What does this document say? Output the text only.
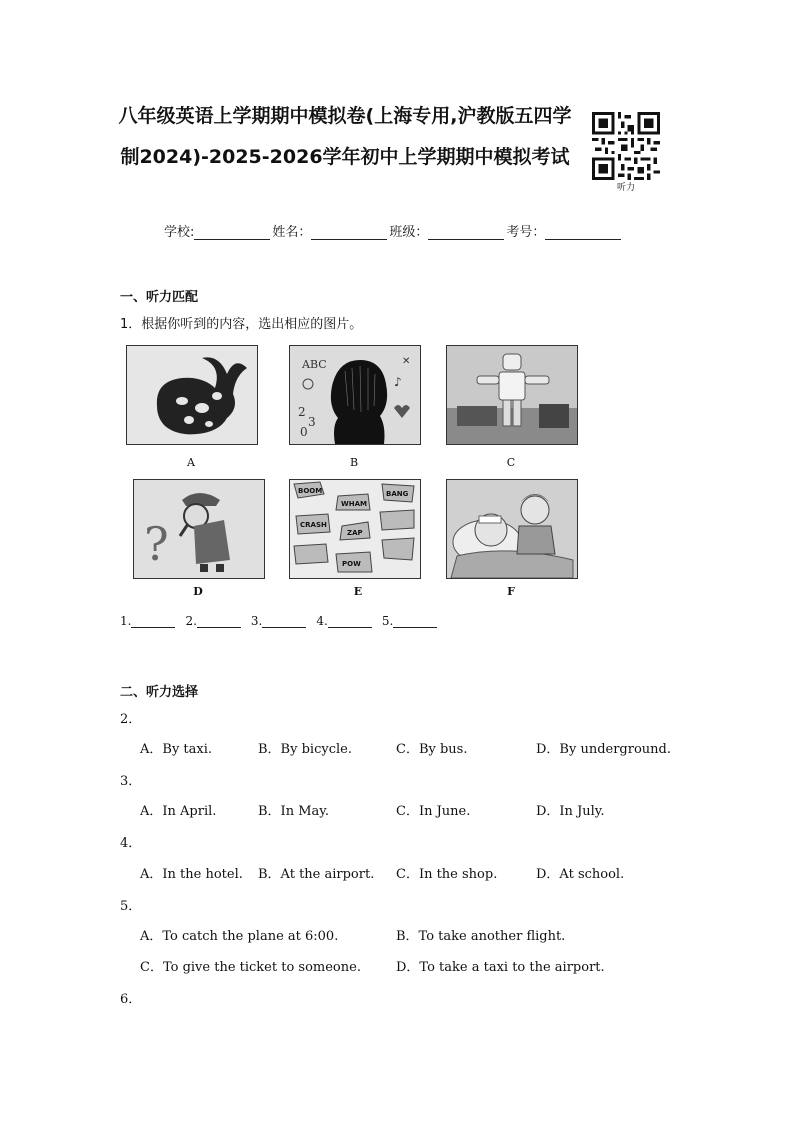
八年级英语上学期期中模拟卷(上海专用,沪教版五四学制2024)-2025-2026学年初中上学期期中模拟考试
听力
学校:	姓名：	班级：	考号：
一、听力匹配
1．根据你听到的内容，选出相应的图片。
A
ABC
2
3
0
♪
✕
B	C
?
D
BOOM
WHAM
BANG
CRASH
ZAP
POW
E	F
1.	2.	3.	4.	5.
二、听力选择
2．
A．By taxi.	B．By bicycle.	C．By bus.	D．By underground.
3．
A．In April.	B．In May.	C．In June.	D．In July.
4．
A．In the hotel. B．At the airport. C．In the shop.	D．At school.
5．
A．To catch the plane at 6:00.	B．To take another flight.
C．To give the ticket to someone.	D．To take a taxi to the airport.
6．
